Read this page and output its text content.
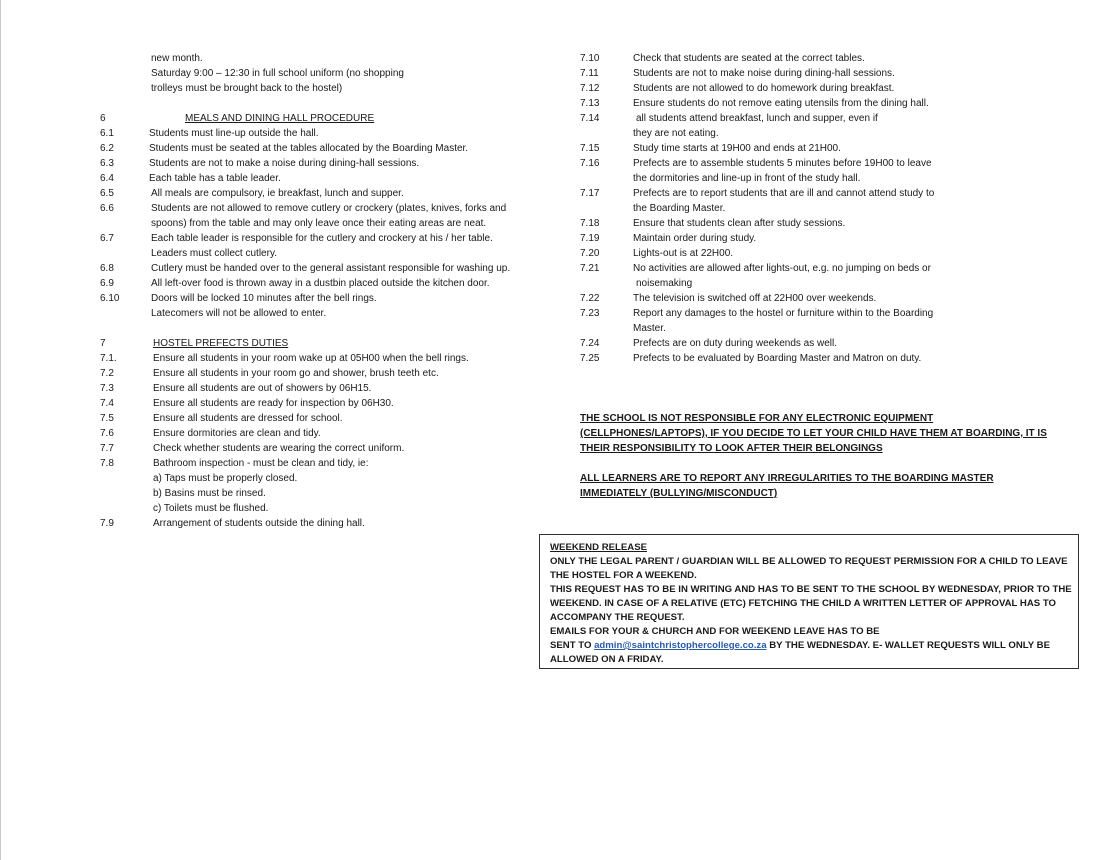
new month.
Saturday 9:00 – 12:30 in full school uniform (no shopping
trolleys must be brought back to the hostel)
6	MEALS AND DINING HALL PROCEDURE
6.1	Students must line-up outside the hall.
6.2	Students must be seated at the tables allocated by the Boarding Master.
6.3	Students are not to make a noise during dining-hall sessions.
6.4	Each table has a table leader.
6.5	All meals are compulsory, ie breakfast, lunch and supper.
6.6	Students are not allowed to remove cutlery or crockery (plates, knives, forks and
spoons) from the table and may only leave once their eating areas are neat.
6.7	Each table leader is responsible for the cutlery and crockery at his / her table.
Leaders must collect cutlery.
6.8	Cutlery must be handed over to the general assistant responsible for washing up.
6.9	All left-over food is thrown away in a dustbin placed outside the kitchen door.
6.10	Doors will be locked 10 minutes after the bell rings.
Latecomers will not be allowed to enter.
7	HOSTEL PREFECTS DUTIES
7.1.	Ensure all students in your room wake up at 05H00 when the bell rings.
7.2	Ensure all students in your room go and shower, brush teeth etc.
7.3	Ensure all students are out of showers by 06H15.
7.4	Ensure all students are ready for inspection by 06H30.
7.5	Ensure all students are dressed for school.
7.6	Ensure dormitories are clean and tidy.
7.7	Check whether students are wearing the correct uniform.
7.8	Bathroom inspection - must be clean and tidy, ie:
a) Taps must be properly closed.
b) Basins must be rinsed.
c) Toilets must be flushed.
7.9	Arrangement of students outside the dining hall.
7.10	Check that students are seated at the correct tables.
7.11	Students are not to make noise during dining-hall sessions.
7.12	Students are not allowed to do homework during breakfast.
7.13	Ensure students do not remove eating utensils from the dining hall.
7.14	all students attend breakfast, lunch and supper, even if
they are not eating.
7.15	Study time starts at 19H00 and ends at 21H00.
7.16	Prefects are to assemble students 5 minutes before 19H00 to leave
the dormitories and line-up in front of the study hall.
7.17	Prefects are to report students that are ill and cannot attend study to
the Boarding Master.
7.18	Ensure that students clean after study sessions.
7.19	Maintain order during study.
7.20	Lights-out is at 22H00.
7.21	No activities are allowed after lights-out, e.g. no jumping on beds or
noisemaking
7.22	The television is switched off at 22H00 over weekends.
7.23	Report any damages to the hostel or furniture within to the Boarding
Master.
7.24	Prefects are on duty during weekends as well.
7.25	Prefects to be evaluated by Boarding Master and Matron on duty.
THE SCHOOL IS NOT RESPONSIBLE FOR ANY ELECTRONIC EQUIPMENT
(CELLPHONES/LAPTOPS), IF YOU DECIDE TO LET YOUR CHILD HAVE THEM AT BOARDING, IT IS
THEIR RESPONSIBILITY TO LOOK AFTER THEIR BELONGINGS
ALL LEARNERS ARE TO REPORT ANY IRREGULARITIES TO THE BOARDING MASTER
IMMEDIATELY (BULLYING/MISCONDUCT)
WEEKEND RELEASE
ONLY THE LEGAL PARENT / GUARDIAN WILL BE ALLOWED TO REQUEST PERMISSION FOR A CHILD TO LEAVE
THE HOSTEL FOR A WEEKEND.
THIS REQUEST HAS TO BE IN WRITING AND HAS TO BE SENT TO THE SCHOOL BY WEDNESDAY, PRIOR TO THE
WEEKEND. IN CASE OF A RELATIVE (ETC) FETCHING THE CHILD A WRITTEN LETTER OF APPROVAL HAS TO
ACCOMPANY THE REQUEST.
EMAILS FOR YOUR & CHURCH AND FOR WEEKEND LEAVE HAS TO BE
SENT TO admin@saintchristophercollege.co.za BY THE WEDNESDAY. E- WALLET REQUESTS WILL ONLY BE
ALLOWED ON A FRIDAY.
